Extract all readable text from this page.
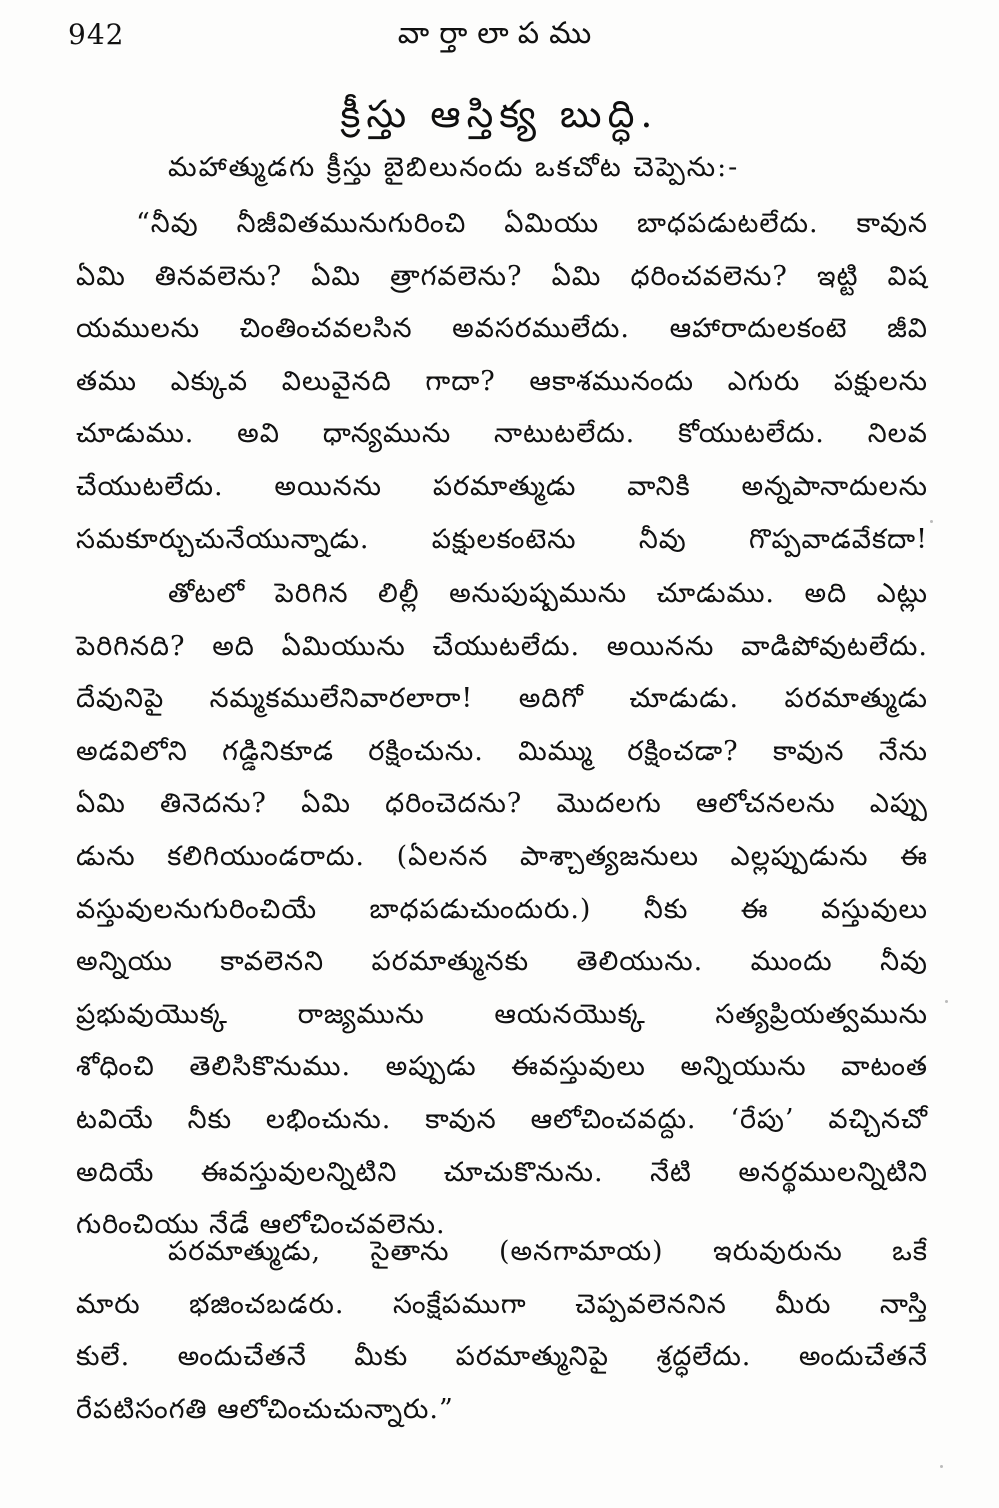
942	వార్తాలాపము
క్రీస్తు ఆస్తిక్య బుద్ధి.
మహాత్ముడగు క్రీస్తు బైబిలునందు ఒకచోట చెప్పెను:-
“నీవు నీజీవితమునుగురించి ఏమియు బాధపడుటలేదు. కావున
ఏమి తినవలెను? ఏమి త్రాగవలెను? ఏమి ధరించవలెను? ఇట్టి విష
యములను చింతించవలసిన అవసరములేదు. ఆహారాదులకంటె జీవి
తము ఎక్కువ విలువైనది గాదా? ఆకాశమునందు ఎగురు పక్షులను
చూడుము. అవి ధాన్యమును నాటుటలేదు. కోయుటలేదు. నిలవ
చేయుటలేదు. అయినను పరమాత్ముడు వానికి అన్నపానాదులను
సమకూర్చుచునేయున్నాడు. పక్షులకంటెను నీవు గొప్పవాడవేకదా!
తోటలో పెరిగిన లిల్లీ అనుపుష్పమును చూడుము. అది ఎట్లు
పెరిగినది? అది ఏమియును చేయుటలేదు. అయినను వాడిపోవుటలేదు.
దేవునిపై నమ్మకములేనివారలారా! అదిగో చూడుడు. పరమాత్ముడు
అడవిలోని గడ్డినికూడ రక్షించును. మిమ్ము రక్షించడా? కావున నేను
ఏమి తినెదను? ఏమి ధరించెదను? మొదలగు ఆలోచనలను ఎప్పు
డును కలిగియుండరాదు. (ఏలనన పాశ్చాత్యజనులు ఎల్లప్పుడును ఈ
వస్తువులనుగురించియే బాధపడుచుందురు.) నీకు ఈ వస్తువులు
అన్నియు కావలెనని పరమాత్మునకు తెలియును. ముందు నీవు
ప్రభువుయొక్క రాజ్యమును ఆయనయొక్క సత్యప్రియత్వమును
శోధించి తెలిసికొనుము. అప్పుడు ఈవస్తువులు అన్నియును వాటంత
టవియే నీకు లభించును. కావున ఆలోచించవద్దు. ‘రేపు’ వచ్చినచో
అదియే ఈవస్తువులన్నిటిని చూచుకొనును. నేటి అనర్థములన్నిటిని
గురించియు నేడే ఆలోచించవలెను.
పరమాత్ముడు, సైతాను (అనగామాయ) ఇరువురును ఒకే
మారు భజించబడరు. సంక్షేపముగా చెప్పవలెననిన మీరు నాస్తి
కులే. అందుచేతనే మీకు పరమాత్మునిపై శ్రద్ధలేదు. అందుచేతనే
రేపటిసంగతి ఆలోచించుచున్నారు.”
